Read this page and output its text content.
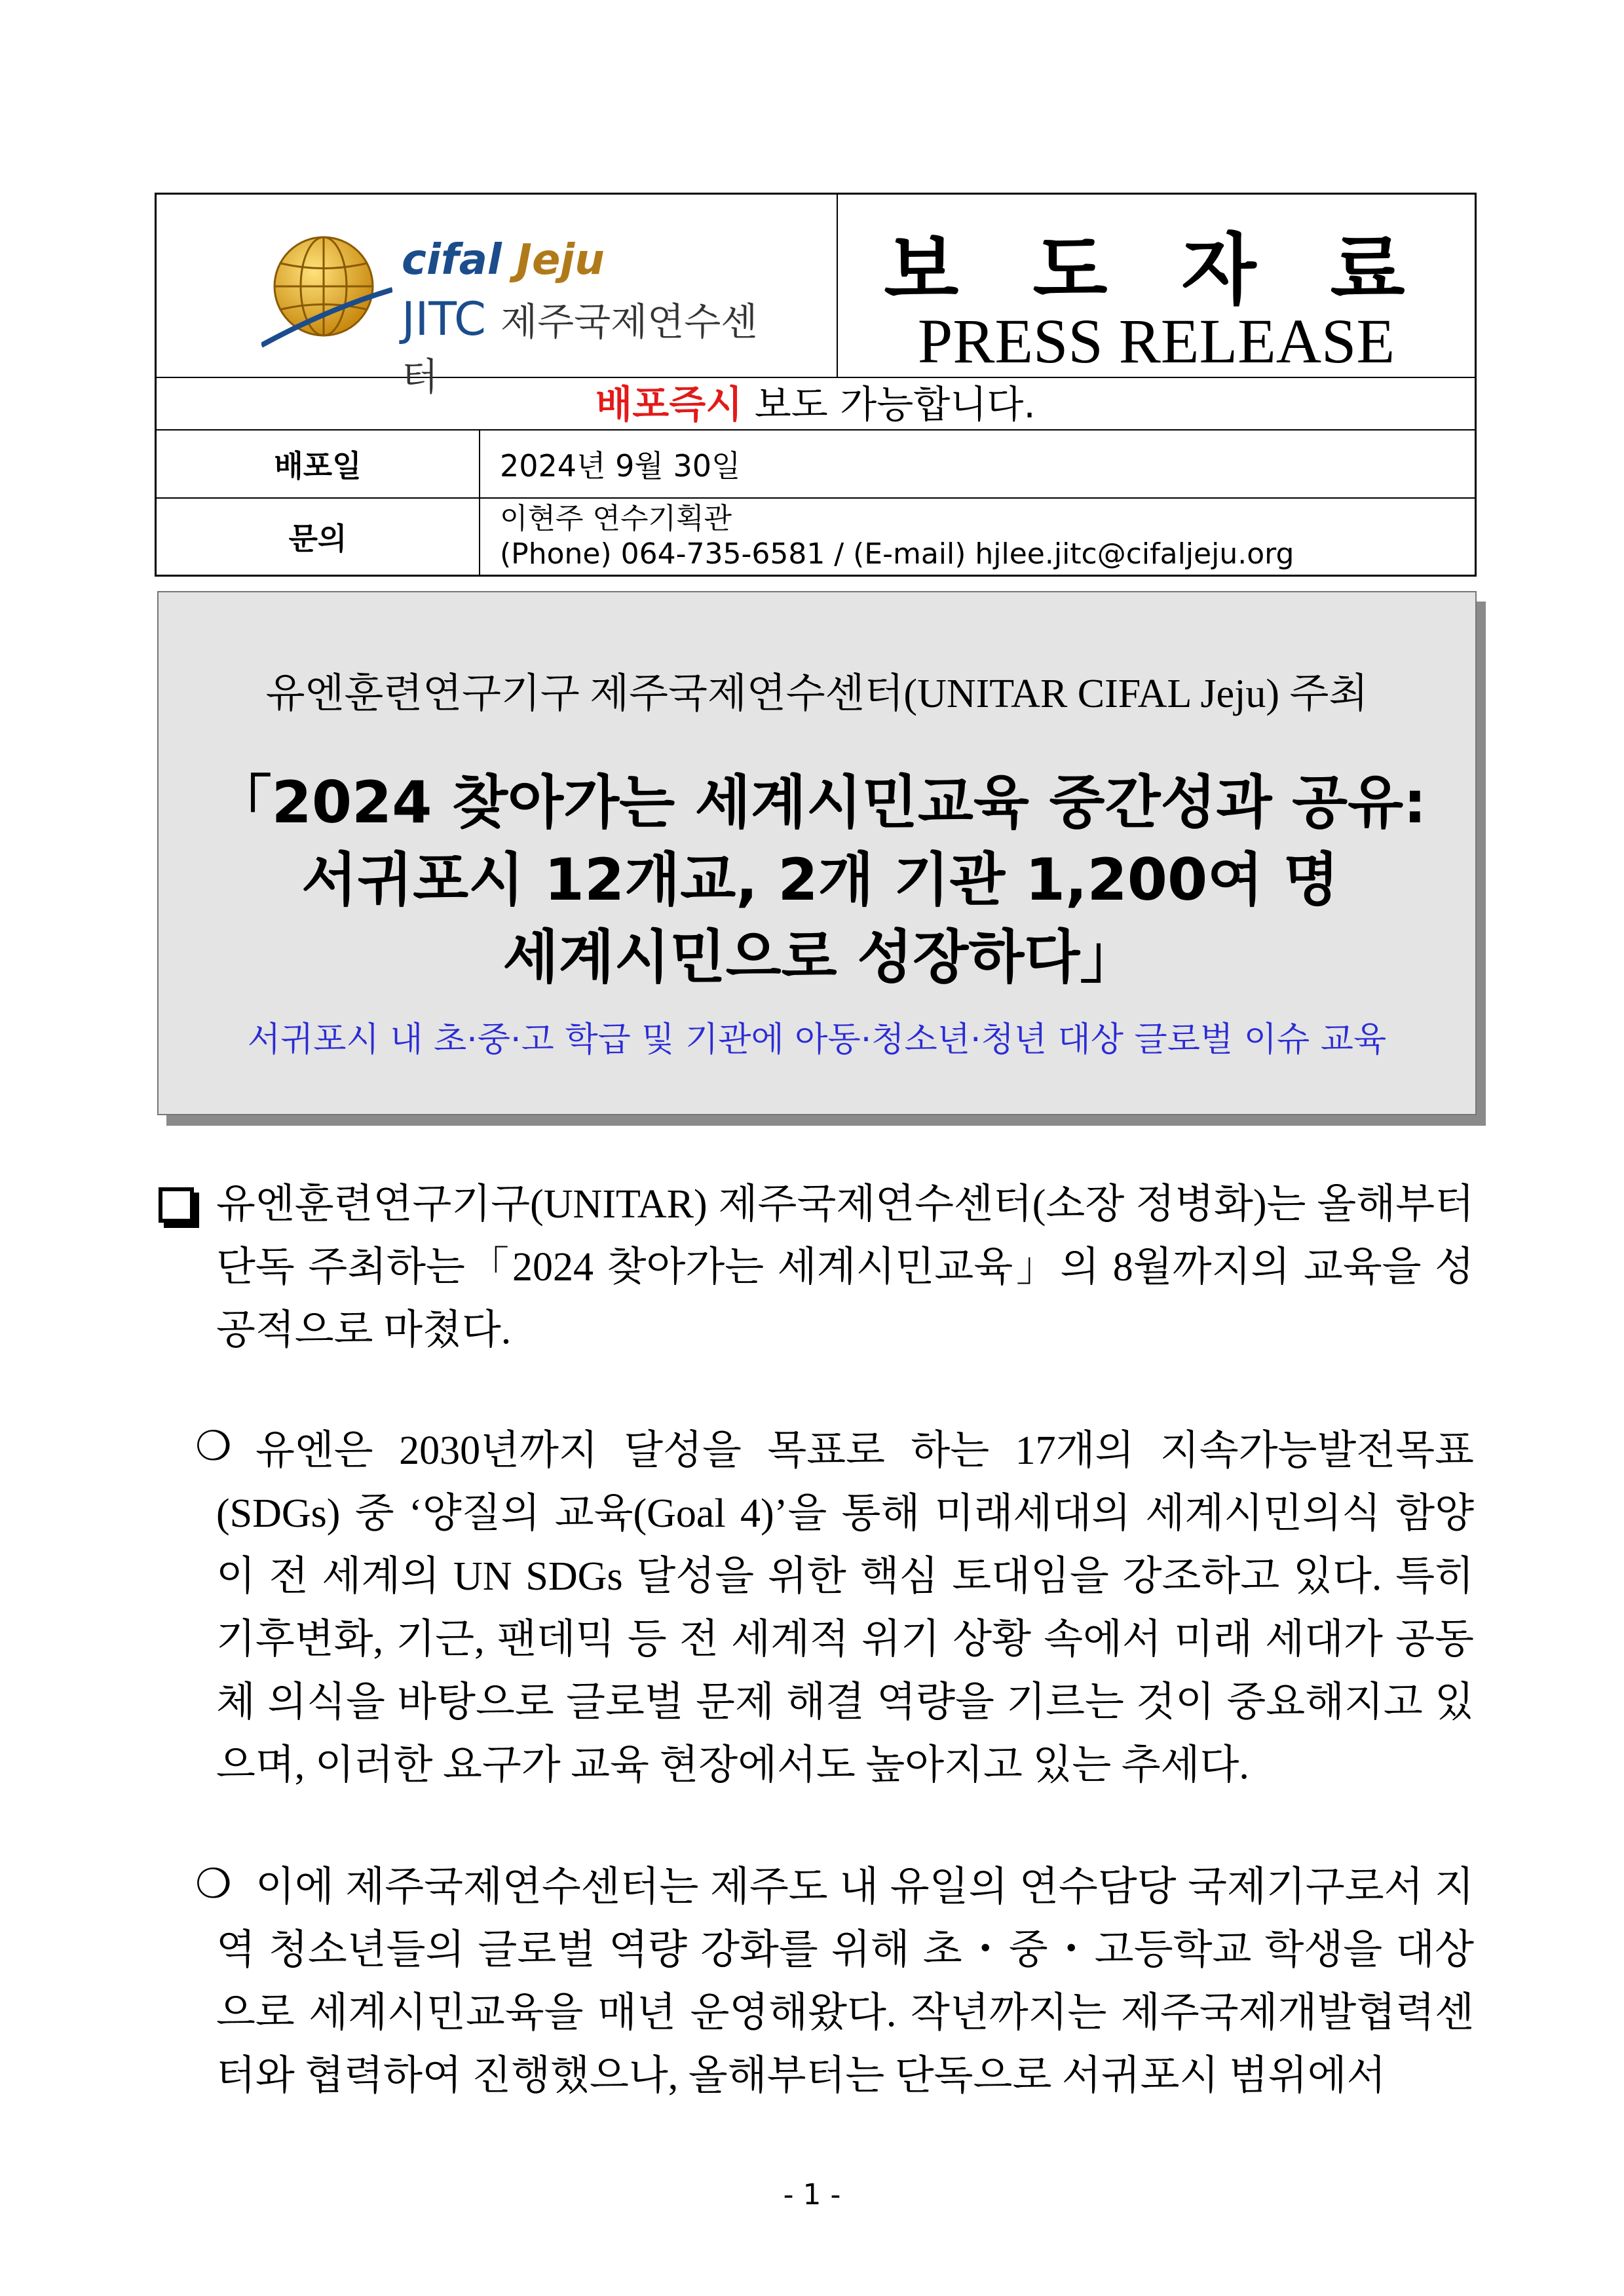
cifal Jeju
JITC 제주국제연수센터
보 도 자 료
PRESS RELEASE
배포즉시 보도 가능합니다.
배포일	2024년 9월 30일
문의
이현주 연수기획관
(Phone) 064-735-6581 / (E-mail) hjlee.jitc@cifaljeju.org
유엔훈련연구기구 제주국제연수센터(UNITAR CIFAL Jeju) 주최
「2024 찾아가는 세계시민교육 중간성과 공유:
서귀포시 12개교, 2개 기관 1,200여 명
세계시민으로 성장하다」
서귀포시 내 초·중·고 학급 및 기관에 아동·청소년·청년 대상 글로벌 이슈 교육
유엔훈련연구기구(UNITAR) 제주국제연수센터(소장 정병화)는 올해부터 단독 주최하는「2024 찾아가는 세계시민교육」의 8월까지의 교육을 성공적으로 마쳤다.
❍ 유엔은 2030년까지 달성을 목표로 하는 17개의 지속가능발전목표(SDGs) 중 ‘양질의 교육(Goal 4)’을 통해 미래세대의 세계시민의식 함양이 전 세계의 UN SDGs 달성을 위한 핵심 토대임을 강조하고 있다. 특히 기후변화, 기근, 팬데믹 등 전 세계적 위기 상황 속에서 미래 세대가 공동체 의식을 바탕으로 글로벌 문제 해결 역량을 기르는 것이 중요해지고 있으며, 이러한 요구가 교육 현장에서도 높아지고 있는 추세다.
❍ 이에 제주국제연수센터는 제주도 내 유일의 연수담당 국제기구로서 지역 청소년들의 글로벌 역량 강화를 위해 초・중・고등학교 학생을 대상으로 세계시민교육을 매년 운영해왔다. 작년까지는 제주국제개발협력센터와 협력하여 진행했으나, 올해부터는 단독으로 서귀포시 범위에서
- 1 -
